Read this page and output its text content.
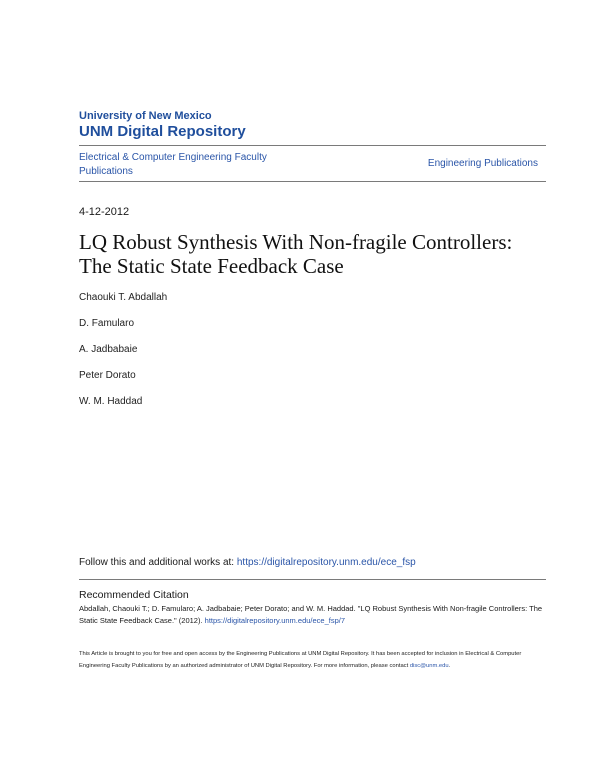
University of New Mexico
UNM Digital Repository
Electrical & Computer Engineering Faculty Publications
Engineering Publications
4-12-2012
LQ Robust Synthesis With Non-fragile Controllers: The Static State Feedback Case
Chaouki T. Abdallah
D. Famularo
A. Jadbabaie
Peter Dorato
W. M. Haddad
Follow this and additional works at: https://digitalrepository.unm.edu/ece_fsp
Recommended Citation
Abdallah, Chaouki T.; D. Famularo; A. Jadbabaie; Peter Dorato; and W. M. Haddad. "LQ Robust Synthesis With Non-fragile Controllers: The Static State Feedback Case." (2012). https://digitalrepository.unm.edu/ece_fsp/7
This Article is brought to you for free and open access by the Engineering Publications at UNM Digital Repository. It has been accepted for inclusion in Electrical & Computer Engineering Faculty Publications by an authorized administrator of UNM Digital Repository. For more information, please contact disc@unm.edu.
